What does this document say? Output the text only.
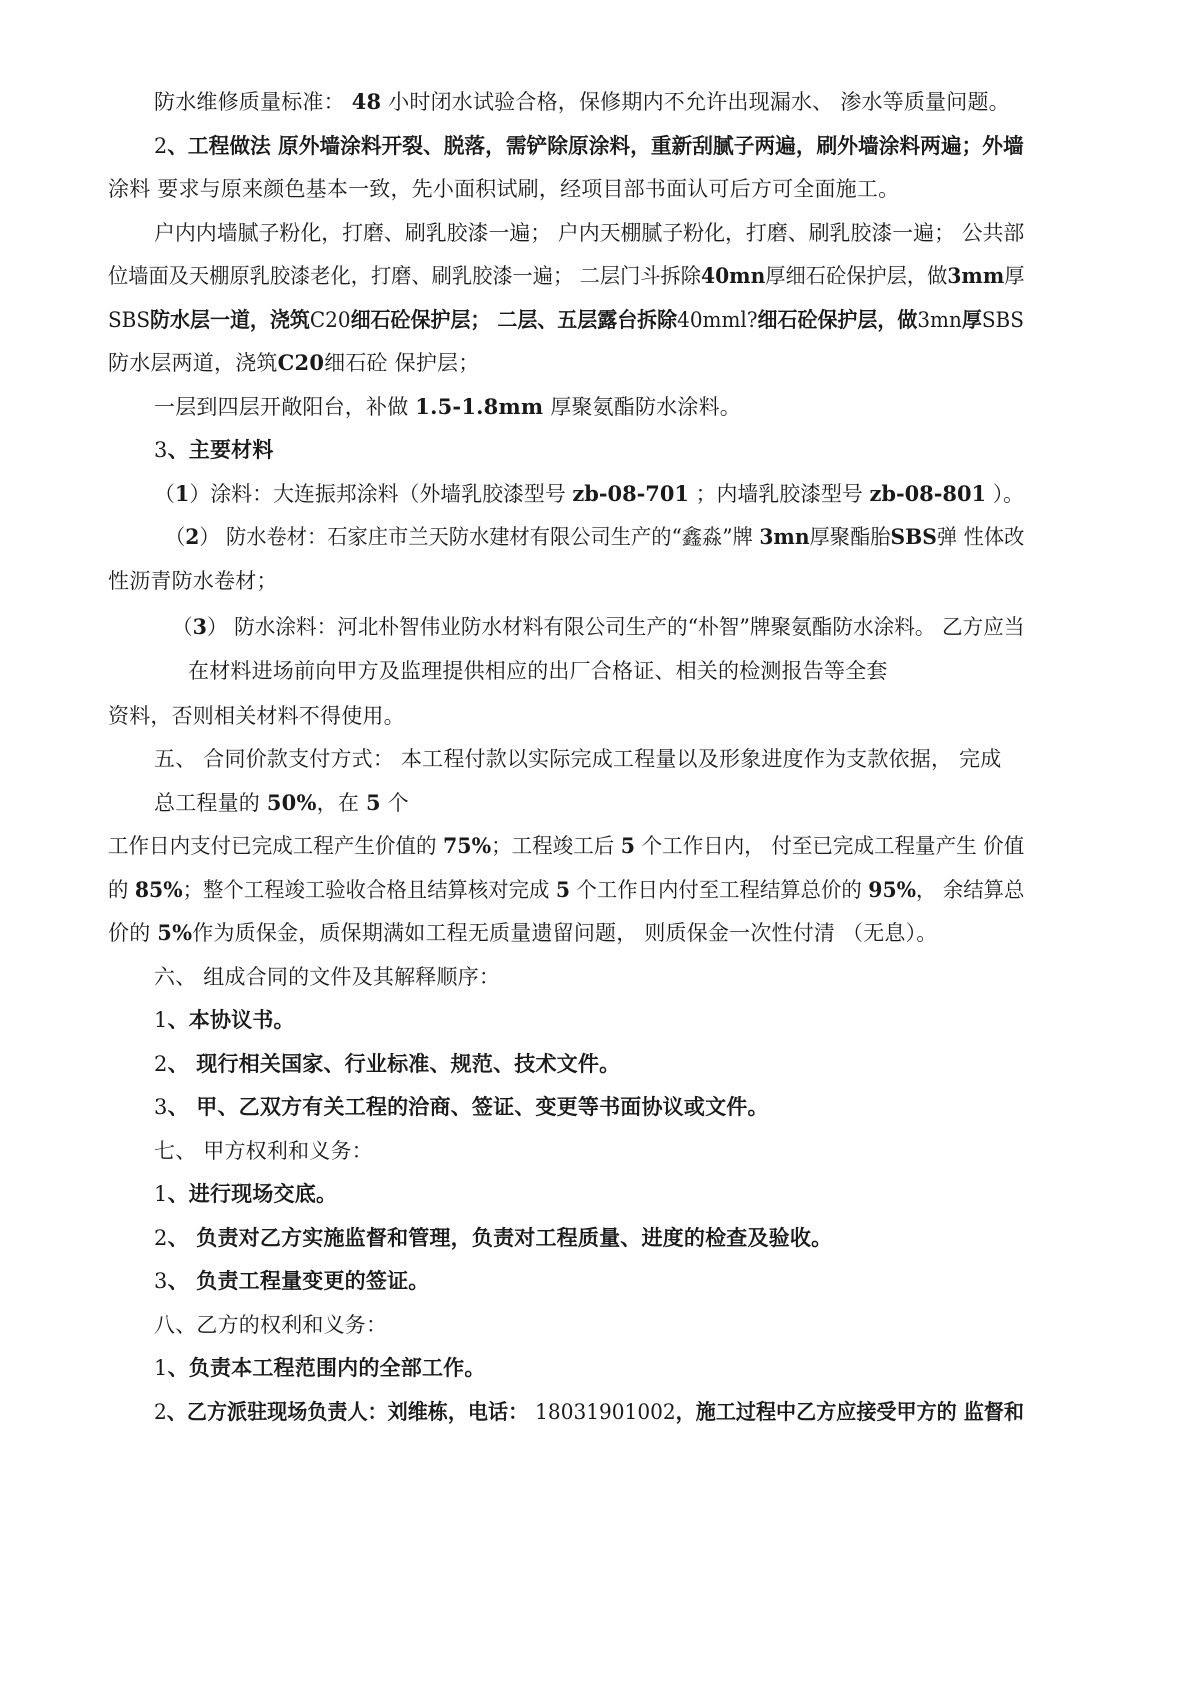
防水维修质量标准： 48 小时闭水试验合格，保修期内不允许出现漏水、 渗水等质量问题。
2、工程做法 原外墙涂料开裂、脱落，需铲除原涂料，重新刮腻子两遍，刷外墙涂料两遍；外墙
涂料 要求与原来颜色基本一致，先小面积试刷，经项目部书面认可后方可全面施工。
户内内墙腻子粉化，打磨、刷乳胶漆一遍； 户内天棚腻子粉化，打磨、刷乳胶漆一遍； 公共部
位墙面及天棚原乳胶漆老化，打磨、刷乳胶漆一遍； 二层门斗拆除40mn厚细石砼保护层，做3mm厚
SBS防水层一道，浇筑C20细石砼保护层； 二层、五层露台拆除40mml?细石砼保护层，做3mn厚SBS
防水层两道，浇筑C20细石砼 保护层；
一层到四层开敞阳台，补做 1.5-1.8mm 厚聚氨酯防水涂料。
3、主要材料
（1）涂料：大连振邦涂料（外墙乳胶漆型号 zb-08-701 ；内墙乳胶漆型号 zb-08-801 ）。
（2） 防水卷材：石家庄市兰天防水建材有限公司生产的“鑫淼”牌 3mn厚聚酯胎SBS弹 性体改
性沥青防水卷材；
（3） 防水涂料：河北朴智伟业防水材料有限公司生产的“朴智”牌聚氨酯防水涂料。 乙方应当
在材料进场前向甲方及监理提供相应的出厂合格证、相关的检测报告等全套
资料，否则相关材料不得使用。
五、 合同价款支付方式： 本工程付款以实际完成工程量以及形象进度作为支款依据， 完成
总工程量的 50%，在 5 个
工作日内支付已完成工程产生价值的 75%；工程竣工后 5 个工作日内， 付至已完成工程量产生 价值
的 85%；整个工程竣工验收合格且结算核对完成 5 个工作日内付至工程结算总价的 95%， 余结算总
价的 5%作为质保金，质保期满如工程无质量遗留问题， 则质保金一次性付清 （无息）。
六、 组成合同的文件及其解释顺序：
1、本协议书。
2、 现行相关国家、行业标准、规范、技术文件。
3、 甲、乙双方有关工程的洽商、签证、变更等书面协议或文件。
七、 甲方权利和义务：
1、进行现场交底。
2、 负责对乙方实施监督和管理，负责对工程质量、进度的检查及验收。
3、 负责工程量变更的签证。
八、乙方的权利和义务：
1、负责本工程范围内的全部工作。
2、乙方派驻现场负责人：刘维栋，电话： 18031901002，施工过程中乙方应接受甲方的 监督和
